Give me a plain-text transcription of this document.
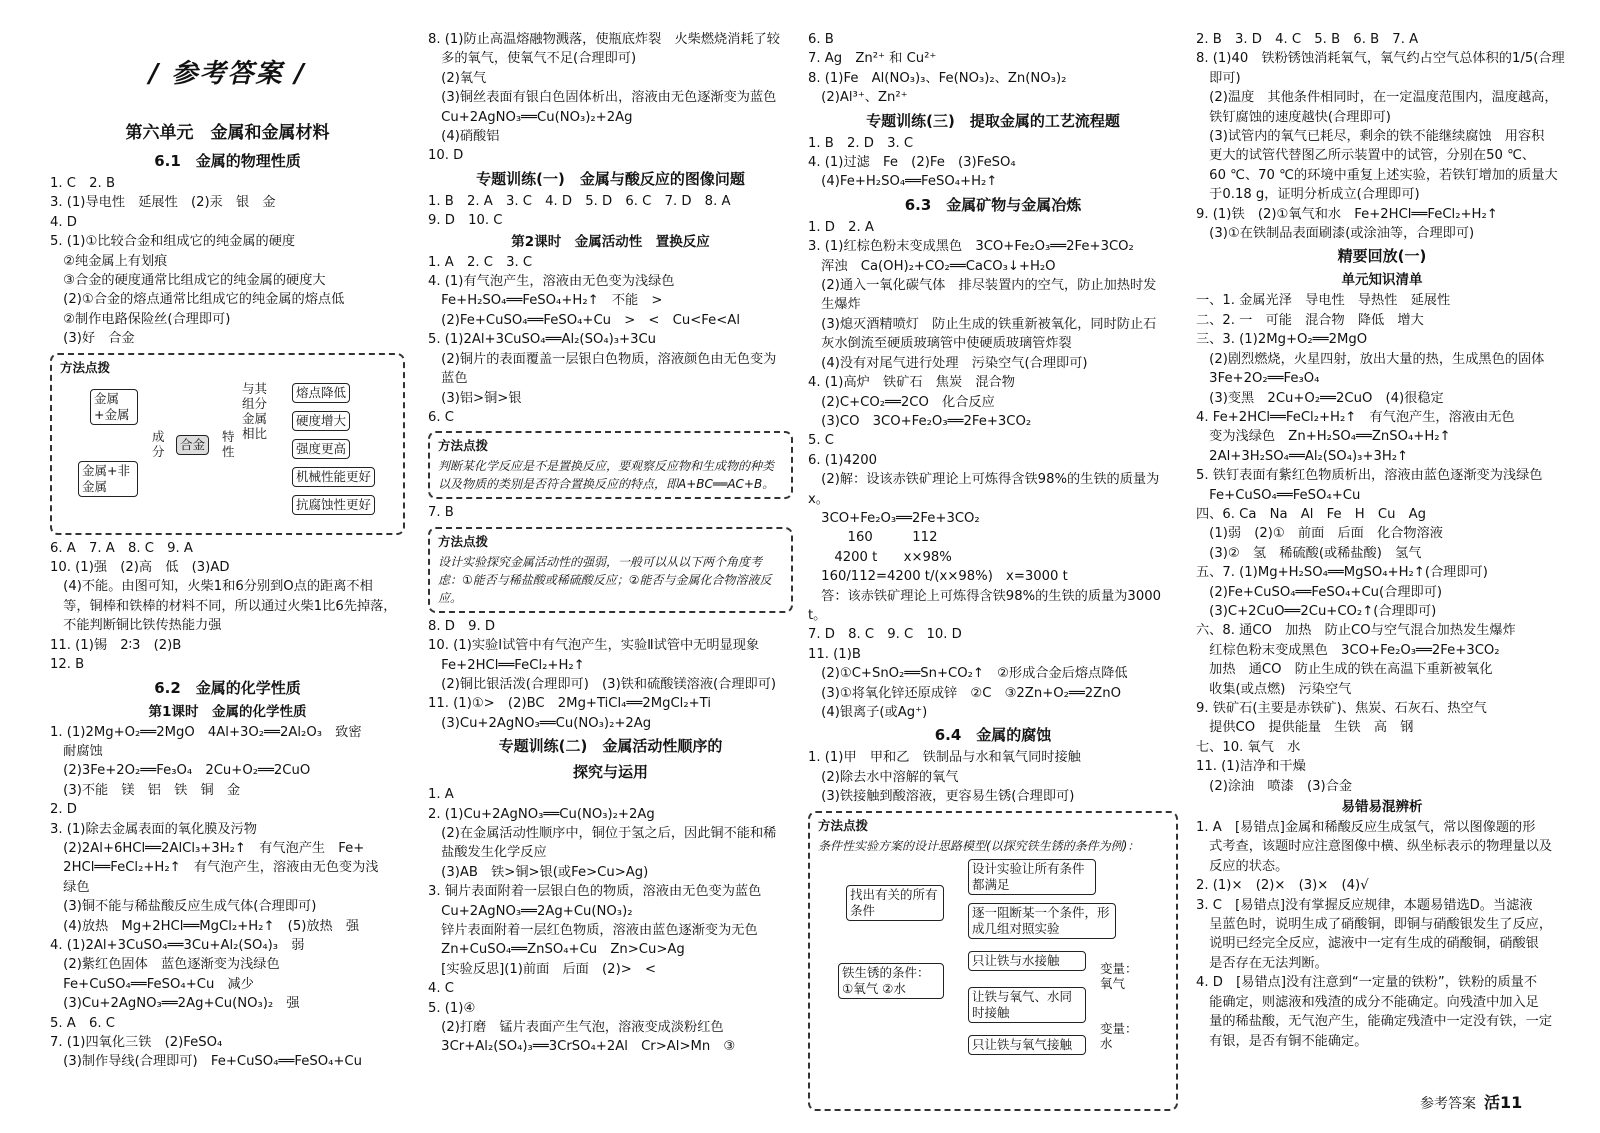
/ 参考答案 /
第六单元　金属和金属材料
6.1　金属的物理性质
1. C　2. B
3. (1)导电性　延展性　(2)汞　银　金
4. D
5. (1)①比较合金和组成它的纯金属的硬度
　②纯金属上有划痕
　③合金的硬度通常比组成它的纯金属的硬度大
　(2)①合金的熔点通常比组成它的纯金属的熔点低
　②制作电路保险丝(合理即可)
　(3)好　合金
方法点拨
金属+金属
金属+非金属
成分	合金
特性
与其组分金属相比
熔点降低
硬度增大
强度更高
机械性能更好
抗腐蚀性更好
6. A　7. A　8. C　9. A
10. (1)强　(2)高　低　(3)AD
　(4)不能。由图可知，火柴1和6分别到O点的距离不相
　等，铜棒和铁棒的材料不同，所以通过火柴1比6先掉落，
　不能判断铜比铁传热能力强
11. (1)锡　2∶3　(2)B
12. B
6.2　金属的化学性质
第1课时　金属的化学性质
1. (1)2Mg+O₂══2MgO　4Al+3O₂══2Al₂O₃　致密
　耐腐蚀
　(2)3Fe+2O₂══Fe₃O₄　2Cu+O₂══2CuO
　(3)不能　镁　铝　铁　铜　金
2. D
3. (1)除去金属表面的氧化膜及污物
　(2)2Al+6HCl══2AlCl₃+3H₂↑　有气泡产生　Fe+
　2HCl══FeCl₂+H₂↑　有气泡产生，溶液由无色变为浅
　绿色
　(3)铜不能与稀盐酸反应生成气体(合理即可)
　(4)放热　Mg+2HCl══MgCl₂+H₂↑　(5)放热　强
4. (1)2Al+3CuSO₄══3Cu+Al₂(SO₄)₃　弱
　(2)紫红色固体　蓝色逐渐变为浅绿色
　Fe+CuSO₄══FeSO₄+Cu　减少
　(3)Cu+2AgNO₃══2Ag+Cu(NO₃)₂　强
5. A　6. C
7. (1)四氧化三铁　(2)FeSO₄
　(3)制作导线(合理即可)　Fe+CuSO₄══FeSO₄+Cu
8. (1)防止高温熔融物溅落，使瓶底炸裂　火柴燃烧消耗了较
　多的氧气，使氧气不足(合理即可)
　(2)氧气
　(3)铜丝表面有银白色固体析出，溶液由无色逐渐变为蓝色
　Cu+2AgNO₃══Cu(NO₃)₂+2Ag
　(4)硝酸铝
10. D
专题训练(一)　金属与酸反应的图像问题
1. B　2. A　3. C　4. D　5. D　6. C　7. D　8. A
9. D　10. C
第2课时　金属活动性　置换反应
1. A　2. C　3. C
4. (1)有气泡产生，溶液由无色变为浅绿色
　Fe+H₂SO₄══FeSO₄+H₂↑　不能　>
　(2)Fe+CuSO₄══FeSO₄+Cu　>　<　Cu<Fe<Al
5. (1)2Al+3CuSO₄══Al₂(SO₄)₃+3Cu
　(2)铜片的表面覆盖一层银白色物质，溶液颜色由无色变为
　蓝色
　(3)铝>铜>银
6. C
方法点拨
判断某化学反应是不是置换反应，要观察反应物和生成物的种类以及物质的类别是否符合置换反应的特点，即A+BC══AC+B。
7. B
方法点拨
设计实验探究金属活动性的强弱，一般可以从以下两个角度考虑：①能否与稀盐酸或稀硫酸反应；②能否与金属化合物溶液反应。
8. D　9. D
10. (1)实验Ⅰ试管中有气泡产生，实验Ⅱ试管中无明显现象
　Fe+2HCl══FeCl₂+H₂↑
　(2)铜比银活泼(合理即可)　(3)铁和硫酸镁溶液(合理即可)
11. (1)①>　(2)BC　2Mg+TiCl₄══2MgCl₂+Ti
　(3)Cu+2AgNO₃══Cu(NO₃)₂+2Ag
专题训练(二)　金属活动性顺序的
探究与运用
1. A
2. (1)Cu+2AgNO₃══Cu(NO₃)₂+2Ag
　(2)在金属活动性顺序中，铜位于氢之后，因此铜不能和稀
　盐酸发生化学反应
　(3)AB　铁>铜>银(或Fe>Cu>Ag)
3. 铜片表面附着一层银白色的物质，溶液由无色变为蓝色
　Cu+2AgNO₃══2Ag+Cu(NO₃)₂
　锌片表面附着一层红色物质，溶液由蓝色逐渐变为无色
　Zn+CuSO₄══ZnSO₄+Cu　Zn>Cu>Ag
　[实验反思](1)前面　后面　(2)>　<
4. C
5. (1)④
　(2)打磨　锰片表面产生气泡，溶液变成淡粉红色
　3Cr+Al₂(SO₄)₃══3CrSO₄+2Al　Cr>Al>Mn　③
6. B
7. Ag　Zn²⁺ 和 Cu²⁺
8. (1)Fe　Al(NO₃)₃、Fe(NO₃)₂、Zn(NO₃)₂
　(2)Al³⁺、Zn²⁺
专题训练(三)　提取金属的工艺流程题
1. B　2. D　3. C
4. (1)过滤　Fe　(2)Fe　(3)FeSO₄
　(4)Fe+H₂SO₄══FeSO₄+H₂↑
6.3　金属矿物与金属冶炼
1. D　2. A
3. (1)红棕色粉末变成黑色　3CO+Fe₂O₃══2Fe+3CO₂
　浑浊　Ca(OH)₂+CO₂══CaCO₃↓+H₂O
　(2)通入一氧化碳气体　排尽装置内的空气，防止加热时发
　生爆炸
　(3)熄灭酒精喷灯　防止生成的铁重新被氧化，同时防止石
　灰水倒流至硬质玻璃管中使硬质玻璃管炸裂
　(4)没有对尾气进行处理　污染空气(合理即可)
4. (1)高炉　铁矿石　焦炭　混合物
　(2)C+CO₂══2CO　化合反应
　(3)CO　3CO+Fe₂O₃══2Fe+3CO₂
5. C
6. (1)4200
　(2)解：设该赤铁矿理论上可炼得含铁98%的生铁的质量为x。
　3CO+Fe₂O₃══2Fe+3CO₂
　　　160　　　112
　　4200 t　　x×98%
　160/112=4200 t/(x×98%)　x=3000 t
　答：该赤铁矿理论上可炼得含铁98%的生铁的质量为3000 t。
7. D　8. C　9. C　10. D
11. (1)B
　(2)①C+SnO₂══Sn+CO₂↑　②形成合金后熔点降低
　(3)①将氧化锌还原成锌　②C　③2Zn+O₂══2ZnO
　(4)银离子(或Ag⁺)
6.4　金属的腐蚀
1. (1)甲　甲和乙　铁制品与水和氧气同时接触
　(2)除去水中溶解的氧气
　(3)铁接触到酸溶液，更容易生锈(合理即可)
方法点拨
条件性实验方案的设计思路模型(以探究铁生锈的条件为例)：
找出有关的所有条件
设计实验让所有条件都满足
逐一阻断某一个条件，形成几组对照实验
铁生锈的条件：①氧气 ②水
只让铁与水接触
让铁与氧气、水同时接触
只让铁与氧气接触
变量：氧气
变量：水
2. B　3. D　4. C　5. B　6. B　7. A
8. (1)40　铁粉锈蚀消耗氧气，氧气约占空气总体积的1/5(合理
　即可)
　(2)温度　其他条件相同时，在一定温度范围内，温度越高，
　铁钉腐蚀的速度越快(合理即可)
　(3)试管内的氧气已耗尽，剩余的铁不能继续腐蚀　用容积
　更大的试管代替图乙所示装置中的试管，分别在50 ℃、
　60 ℃、70 ℃的环境中重复上述实验，若铁钉增加的质量大
　于0.18 g，证明分析成立(合理即可)
9. (1)铁　(2)①氧气和水　Fe+2HCl══FeCl₂+H₂↑
　(3)①在铁制品表面刷漆(或涂油等，合理即可)
精要回放(一)
单元知识清单
一、1. 金属光泽　导电性　导热性　延展性
二、2. 一　可能　混合物　降低　增大
三、3. (1)2Mg+O₂══2MgO
　(2)剧烈燃烧，火星四射，放出大量的热，生成黑色的固体
　3Fe+2O₂══Fe₃O₄
　(3)变黑　2Cu+O₂══2CuO　(4)很稳定
4. Fe+2HCl══FeCl₂+H₂↑　有气泡产生，溶液由无色
　变为浅绿色　Zn+H₂SO₄══ZnSO₄+H₂↑
　2Al+3H₂SO₄══Al₂(SO₄)₃+3H₂↑
5. 铁钉表面有紫红色物质析出，溶液由蓝色逐渐变为浅绿色
　Fe+CuSO₄══FeSO₄+Cu
四、6. Ca　Na　Al　Fe　H　Cu　Ag
　(1)弱　(2)①　前面　后面　化合物溶液
　(3)②　氢　稀硫酸(或稀盐酸)　氢气
五、7. (1)Mg+H₂SO₄══MgSO₄+H₂↑(合理即可)
　(2)Fe+CuSO₄══FeSO₄+Cu(合理即可)
　(3)C+2CuO══2Cu+CO₂↑(合理即可)
六、8. 通CO　加热　防止CO与空气混合加热发生爆炸
　红棕色粉末变成黑色　3CO+Fe₂O₃══2Fe+3CO₂
　加热　通CO　防止生成的铁在高温下重新被氧化
　收集(或点燃)　污染空气
9. 铁矿石(主要是赤铁矿)、焦炭、石灰石、热空气
　提供CO　提供能量　生铁　高　钢
七、10. 氧气　水
11. (1)洁净和干燥
　(2)涂油　喷漆　(3)合金
易错易混辨析
1. A　[易错点]金属和稀酸反应生成氢气，常以图像题的形
　式考查，该题时应注意图像中横、纵坐标表示的物理量以及
　反应的状态。
2. (1)×　(2)×　(3)×　(4)√
3. C　[易错点]没有掌握反应规律，本题易错选D。当滤液
　呈蓝色时，说明生成了硝酸铜，即铜与硝酸银发生了反应，
　说明已经完全反应，滤液中一定有生成的硝酸铜，硝酸银
　是否存在无法判断。
4. D　[易错点]没有注意到“一定量的铁粉”，铁粉的质量不
　能确定，则滤液和残渣的成分不能确定。向残渣中加入足
　量的稀盐酸，无气泡产生，能确定残渣中一定没有铁，一定
　有银，是否有铜不能确定。
参考答案 活11
